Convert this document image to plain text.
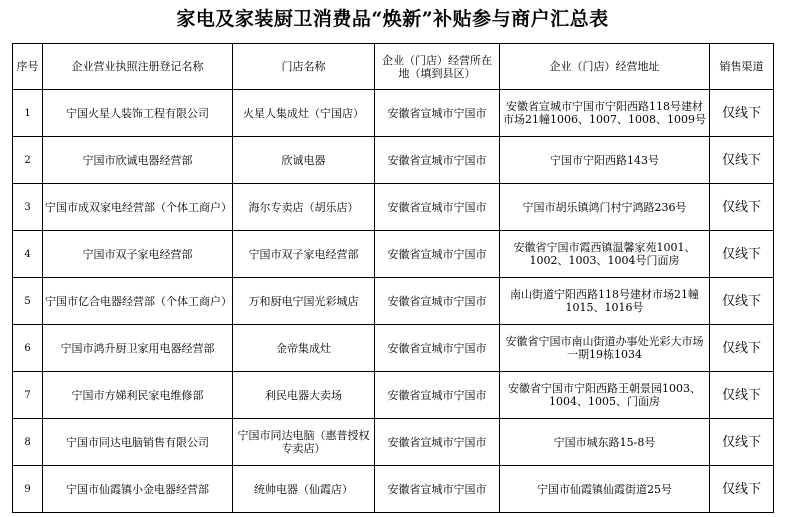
家电及家装厨卫消费品“焕新”补贴参与商户汇总表
序号	企业营业执照注册登记名称	门店名称	企业（门店）经营所在地（填到县区）	企业（门店）经营地址	销售渠道
1	宁国火星人装饰工程有限公司	火星人集成灶（宁国店）	安徽省宣城市宁国市	安徽省宣城市宁国市宁阳西路118号建材市场21幢1006、1007、1008、1009号	仅线下
2	宁国市欣诚电器经营部	欣诚电器	安徽省宣城市宁国市	宁国市宁阳西路143号	仅线下
3	宁国市成双家电经营部（个体工商户）	海尔专卖店（胡乐店）	安徽省宣城市宁国市	宁国市胡乐镇鸿门村宁鸿路236号	仅线下
4	宁国市双子家电经营部	宁国市双子家电经营部	安徽省宣城市宁国市	安徽省宁国市霞西镇温馨家苑1001、1002、1003、1004号门面房	仅线下
5	宁国市亿合电器经营部（个体工商户）	万和厨电宁国光彩城店	安徽省宣城市宁国市	南山街道宁阳西路118号建材市场21幢1015、1016号	仅线下
6	宁国市鸿升厨卫家用电器经营部	金帝集成灶	安徽省宣城市宁国市	安徽省宁国市南山街道办事处光彩大市场一期19栋1034	仅线下
7	宁国市方娣利民家电维修部	利民电器大卖场	安徽省宣城市宁国市	安徽省宁国市宁阳西路王朝景园1003、1004、1005、门面房	仅线下
8	宁国市同达电脑销售有限公司	宁国市同达电脑（惠普授权专卖店）	安徽省宣城市宁国市	宁国市城东路15-8号	仅线下
9	宁国市仙霞镇小金电器经营部	统帅电器（仙霞店）	安徽省宣城市宁国市	宁国市仙霞镇仙霞街道25号	仅线下
